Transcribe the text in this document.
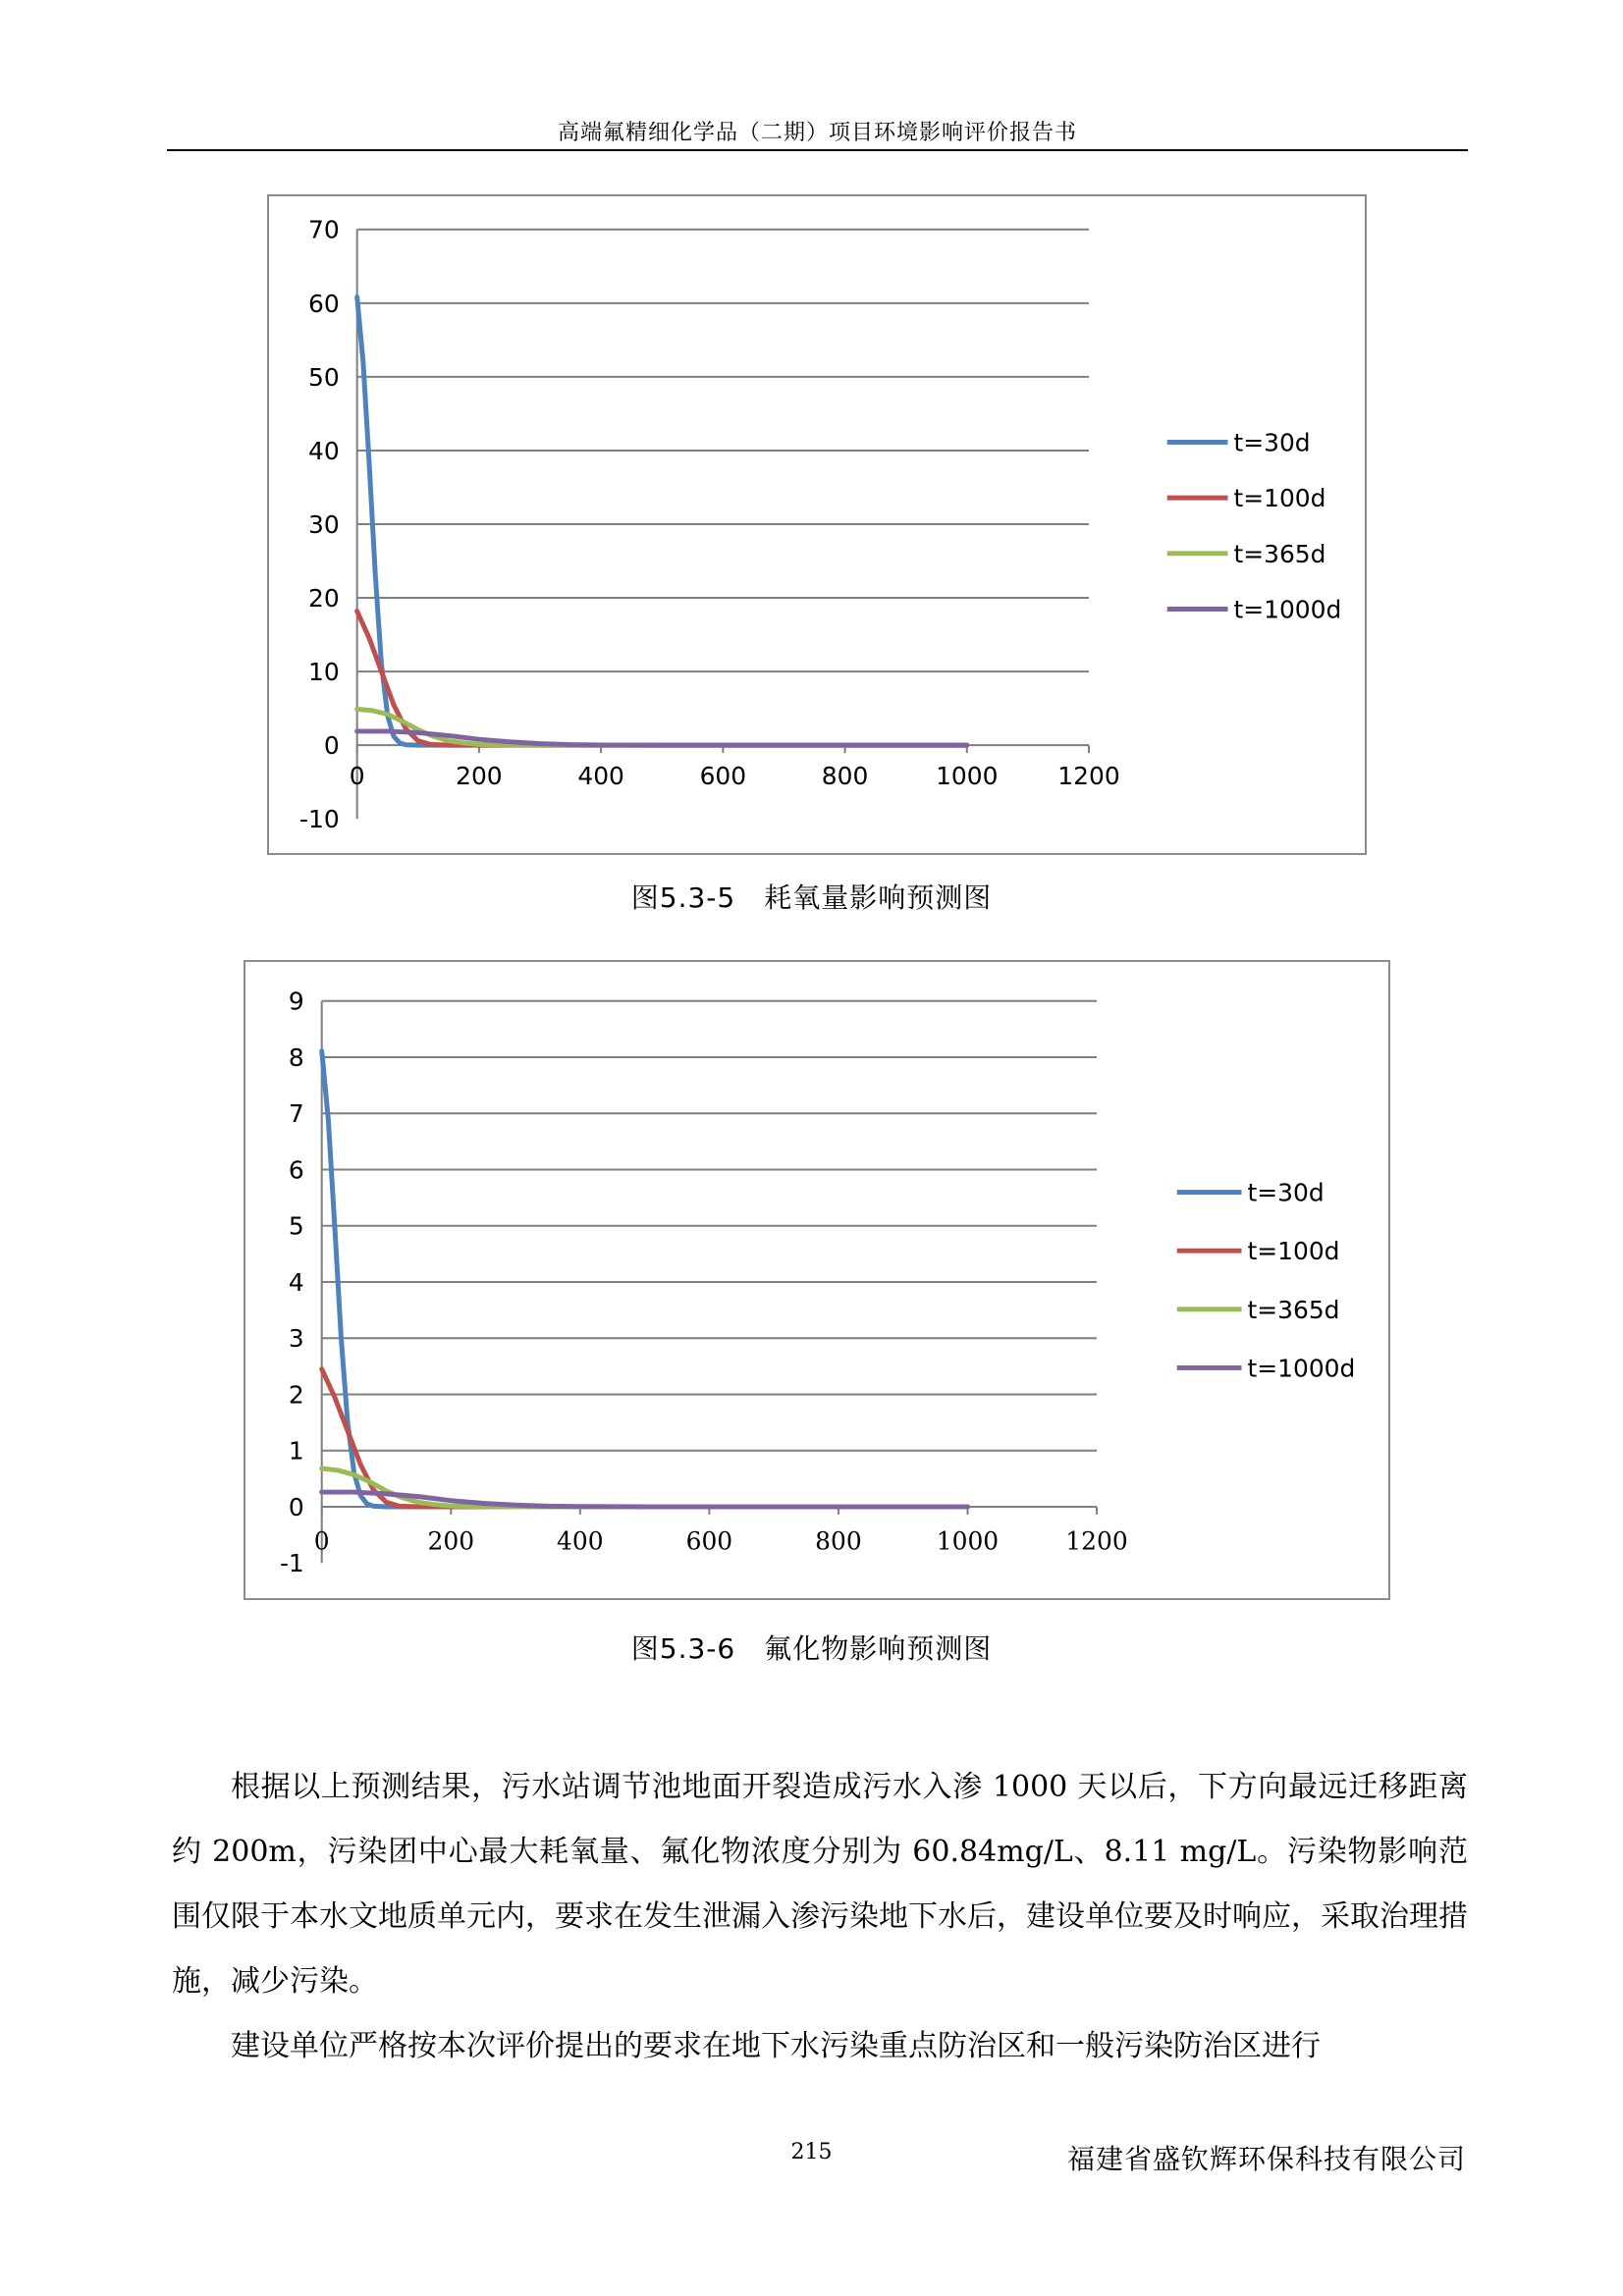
高端氟精细化学品（二期）项目环境影响评价报告书
-10
0
10
20
30
40
50
60
70
0	200	400	600	800	1000 1200
t=30d
t=100d
t=365d
t=1000d
图5.3-5　耗氧量影响预测图
-1
0
1
2
3
4
5
6
7
8
9
0	200	400	600	800	1000	1200
t=30d
t=100d
t=365d
t=1000d
图5.3-6　氟化物影响预测图

根据以上预测结果，污水站调节池地面开裂造成污水入渗 1000 天以后，下方向最远迁移距离约 200m，污染团中心最大耗氧量、氟化物浓度分别为 60.84mg/L、8.11 mg/L。污染物影响范围仅限于本水文地质单元内，要求在发生泄漏入渗污染地下水后，建设单位要及时响应，采取治理措施，减少污染。

建设单位严格按本次评价提出的要求在地下水污染重点防治区和一般污染防治区进行

215	福建省盛钦辉环保科技有限公司
